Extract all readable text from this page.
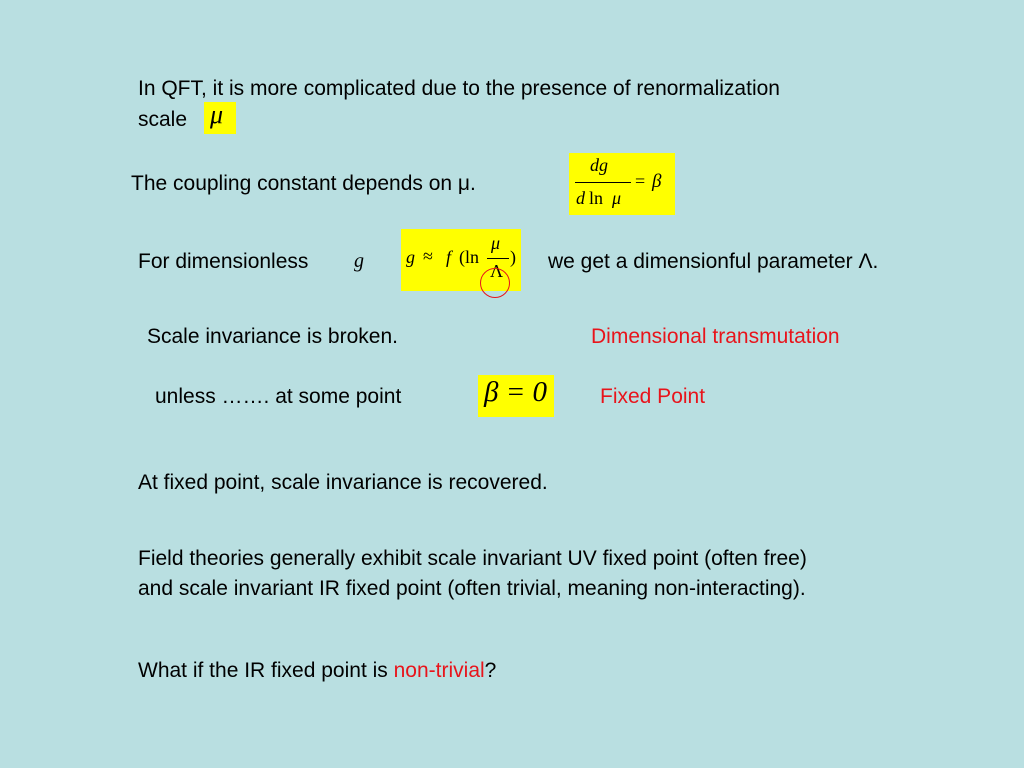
In QFT, it is more complicated due to the presence of renormalization

scale μ

The coupling constant depends on μ.

dg
d ln μ
= β

For dimensionless g g ≈ f (ln
μ
Λ
) we get a dimensionful parameter Λ.

Scale invariance is broken.	Dimensional transmutation

unless ……. at some point	β = 0	Fixed Point

At fixed point, scale invariance is recovered.

Field theories generally exhibit scale invariant UV fixed point (often free)

and scale invariant IR fixed point (often trivial, meaning non-interacting).

What if the IR fixed point is non-trivial?
